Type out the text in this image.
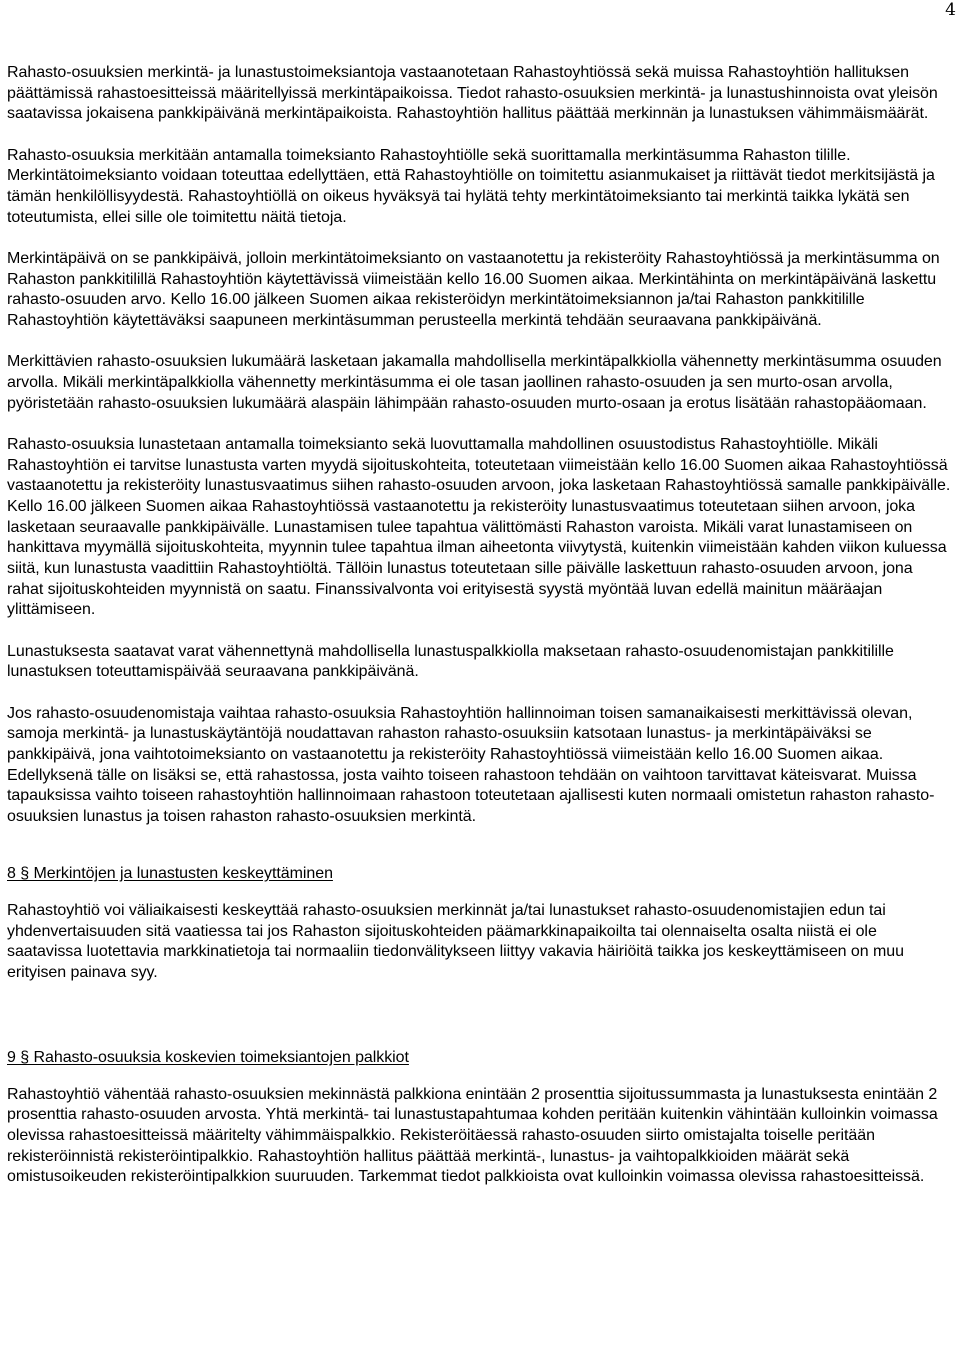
4

Rahasto-osuuksien merkintä- ja lunastustoimeksiantoja vastaanotetaan Rahastoyhtiössä sekä muissa Rahastoyhtiön hallituksen päättämissä rahastoesitteissä määritellyissä merkintäpaikoissa. Tiedot rahasto-osuuksien merkintä- ja lunastushinnoista ovat yleisön saatavissa jokaisena pankkipäivänä merkintäpaikoista. Rahastoyhtiön hallitus päättää merkinnän ja lunastuksen vähimmäismäärät.

Rahasto-osuuksia merkitään antamalla toimeksianto Rahastoyhtiölle sekä suorittamalla merkintäsumma Rahaston tilille. Merkintätoimeksianto voidaan toteuttaa edellyttäen, että Rahastoyhtiölle on toimitettu asianmukaiset ja riittävät tiedot merkitsijästä ja tämän henkilöllisyydestä. Rahastoyhtiöllä on oikeus hyväksyä tai hylätä tehty merkintätoimeksianto tai merkintä taikka lykätä sen toteutumista, ellei sille ole toimitettu näitä tietoja.

Merkintäpäivä on se pankkipäivä, jolloin merkintätoimeksianto on vastaanotettu ja rekisteröity Rahastoyhtiössä ja merkintäsumma on Rahaston pankkitilillä Rahastoyhtiön käytettävissä viimeistään kello 16.00 Suomen aikaa. Merkintähinta on merkintäpäivänä laskettu rahasto-osuuden arvo. Kello 16.00 jälkeen Suomen aikaa rekisteröidyn merkintätoimeksiannon ja/tai Rahaston pankkitilille Rahastoyhtiön käytettäväksi saapuneen merkintäsumman perusteella merkintä tehdään seuraavana pankkipäivänä.

Merkittävien rahasto-osuuksien lukumäärä lasketaan jakamalla mahdollisella merkintäpalkkiolla vähennetty merkintäsumma osuuden arvolla. Mikäli merkintäpalkkiolla vähennetty merkintäsumma ei ole tasan jaollinen rahasto-osuuden ja sen murto-osan arvolla, pyöristetään rahasto-osuuksien lukumäärä alaspäin lähimpään rahasto-osuuden murto-osaan ja erotus lisätään rahastopääomaan.

Rahasto-osuuksia lunastetaan antamalla toimeksianto sekä luovuttamalla mahdollinen osuustodistus Rahastoyhtiölle. Mikäli Rahastoyhtiön ei tarvitse lunastusta varten myydä sijoituskohteita, toteutetaan viimeistään kello 16.00 Suomen aikaa Rahastoyhtiössä vastaanotettu ja rekisteröity lunastusvaatimus siihen rahasto-osuuden arvoon, joka lasketaan Rahastoyhtiössä samalle pankkipäivälle. Kello 16.00 jälkeen Suomen aikaa Rahastoyhtiössä vastaanotettu ja rekisteröity lunastusvaatimus toteutetaan siihen arvoon, joka lasketaan seuraavalle pankkipäivälle. Lunastamisen tulee tapahtua välittömästi Rahaston varoista. Mikäli varat lunastamiseen on hankittava myymällä sijoituskohteita, myynnin tulee tapahtua ilman aiheetonta viivytystä, kuitenkin viimeistään kahden viikon kuluessa siitä, kun lunastusta vaadittiin Rahastoyhtiöltä. Tällöin lunastus toteutetaan sille päivälle laskettuun rahasto-osuuden arvoon, jona rahat sijoituskohteiden myynnistä on saatu. Finanssivalvonta voi erityisestä syystä myöntää luvan edellä mainitun määräajan ylittämiseen.

Lunastuksesta saatavat varat vähennettynä mahdollisella lunastuspalkkiolla maksetaan rahasto-osuudenomistajan pankkitilille lunastuksen toteuttamispäivää seuraavana pankkipäivänä.

Jos rahasto-osuudenomistaja vaihtaa rahasto-osuuksia Rahastoyhtiön hallinnoiman toisen samanaikaisesti merkittävissä olevan, samoja merkintä- ja lunastuskäytäntöjä noudattavan rahaston rahasto-osuuksiin katsotaan lunastus- ja merkintäpäiväksi se pankkipäivä, jona vaihtotoimeksianto on vastaanotettu ja rekisteröity Rahastoyhtiössä viimeistään kello 16.00 Suomen aikaa. Edellyksenä tälle on lisäksi se, että rahastossa, josta vaihto toiseen rahastoon tehdään on vaihtoon tarvittavat käteisvarat. Muissa tapauksissa vaihto toiseen rahastoyhtiön hallinnoimaan rahastoon toteutetaan ajallisesti kuten normaali omistetun rahaston rahasto-osuuksien lunastus ja toisen rahaston rahasto-osuuksien merkintä.

8 § Merkintöjen ja lunastusten keskeyttäminen

Rahastoyhtiö voi väliaikaisesti keskeyttää rahasto-osuuksien merkinnät ja/tai lunastukset rahasto-osuudenomistajien edun tai yhdenvertaisuuden sitä vaatiessa tai jos Rahaston sijoituskohteiden päämarkkinapaikoilta tai olennaiselta osalta niistä ei ole saatavissa luotettavia markkinatietoja tai normaaliin tiedonvälitykseen liittyy vakavia häiriöitä taikka jos keskeyttämiseen on muu erityisen painava syy.

9 § Rahasto-osuuksia koskevien toimeksiantojen palkkiot

Rahastoyhtiö vähentää rahasto-osuuksien mekinnästä palkkiona enintään 2 prosenttia sijoitussummasta ja lunastuksesta enintään 2 prosenttia rahasto-osuuden arvosta. Yhtä merkintä- tai lunastustapahtumaa kohden peritään kuitenkin vähintään kulloinkin voimassa olevissa rahastoesitteissä määritelty vähimmäispalkkio. Rekisteröitäessä rahasto-osuuden siirto omistajalta toiselle peritään rekisteröinnistä rekisteröintipalkkio. Rahastoyhtiön hallitus päättää merkintä-, lunastus- ja vaihtopalkkioiden määrät sekä omistusoikeuden rekisteröintipalkkion suuruuden. Tarkemmat tiedot palkkioista ovat kulloinkin voimassa olevissa rahastoesitteissä.
